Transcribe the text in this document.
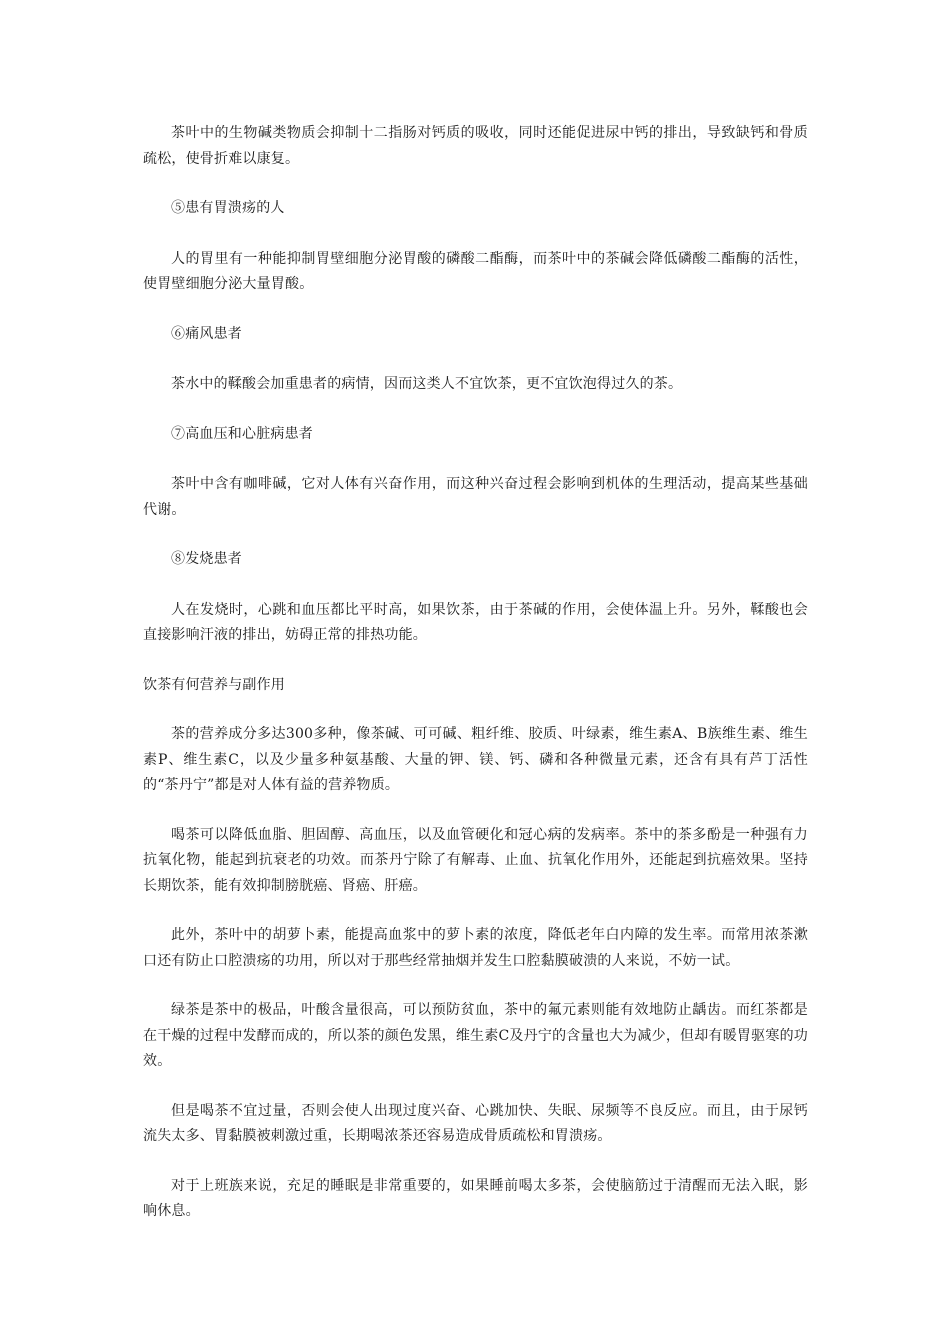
茶叶中的生物碱类物质会抑制十二指肠对钙质的吸收，同时还能促进尿中钙的排出，导致缺钙和骨质疏松，使骨折难以康复。

⑤患有胃溃疡的人

人的胃里有一种能抑制胃壁细胞分泌胃酸的磷酸二酯酶，而茶叶中的茶碱会降低磷酸二酯酶的活性，使胃壁细胞分泌大量胃酸。

⑥痛风患者

茶水中的鞣酸会加重患者的病情，因而这类人不宜饮茶，更不宜饮泡得过久的茶。

⑦高血压和心脏病患者

茶叶中含有咖啡碱，它对人体有兴奋作用，而这种兴奋过程会影响到机体的生理活动，提高某些基础代谢。

⑧发烧患者

人在发烧时，心跳和血压都比平时高，如果饮茶，由于茶碱的作用，会使体温上升。另外，鞣酸也会直接影响汗液的排出，妨碍正常的排热功能。

饮茶有何营养与副作用

茶的营养成分多达300多种，像茶碱、可可碱、粗纤维、胶质、叶绿素，维生素A、B族维生素、维生素P、维生素C，以及少量多种氨基酸、大量的钾、镁、钙、磷和各种微量元素，还含有具有芦丁活性的“茶丹宁”都是对人体有益的营养物质。

喝茶可以降低血脂、胆固醇、高血压，以及血管硬化和冠心病的发病率。茶中的茶多酚是一种强有力抗氧化物，能起到抗衰老的功效。而茶丹宁除了有解毒、止血、抗氧化作用外，还能起到抗癌效果。坚持长期饮茶，能有效抑制膀胱癌、肾癌、肝癌。

此外，茶叶中的胡萝卜素，能提高血浆中的萝卜素的浓度，降低老年白内障的发生率。而常用浓茶漱口还有防止口腔溃疡的功用，所以对于那些经常抽烟并发生口腔黏膜破溃的人来说，不妨一试。

绿茶是茶中的极品，叶酸含量很高，可以预防贫血，茶中的氟元素则能有效地防止龋齿。而红茶都是在干燥的过程中发酵而成的，所以茶的颜色发黑，维生素C及丹宁的含量也大为减少，但却有暖胃驱寒的功效。

但是喝茶不宜过量，否则会使人出现过度兴奋、心跳加快、失眠、尿频等不良反应。而且，由于尿钙流失太多、胃黏膜被刺激过重，长期喝浓茶还容易造成骨质疏松和胃溃疡。

对于上班族来说，充足的睡眠是非常重要的，如果睡前喝太多茶，会使脑筋过于清醒而无法入眠，影响休息。
